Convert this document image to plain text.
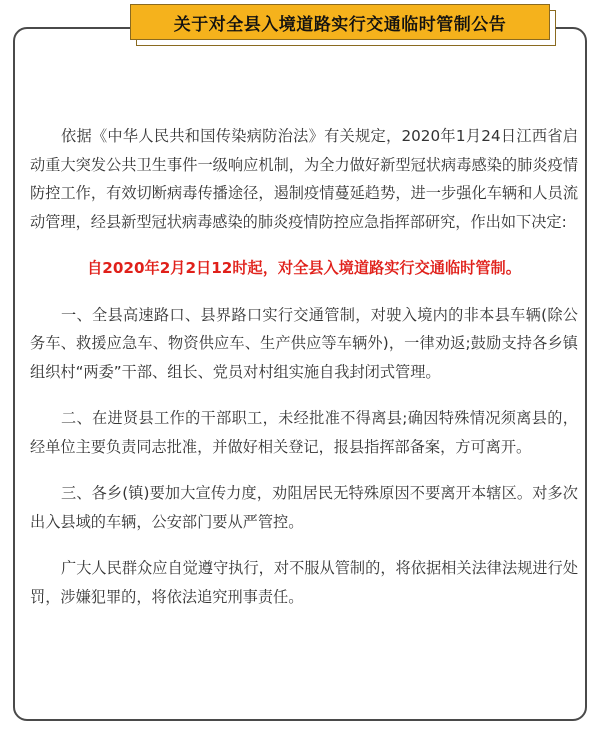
关于对全县入境道路实行交通临时管制公告

依据《中华人民共和国传染病防治法》有关规定，2020年1月24日江西省启动重大突发公共卫生事件一级响应机制，为全力做好新型冠状病毒感染的肺炎疫情防控工作，有效切断病毒传播途径，遏制疫情蔓延趋势，进一步强化车辆和人员流动管理，经县新型冠状病毒感染的肺炎疫情防控应急指挥部研究，作出如下决定:

自2020年2月2日12时起，对全县入境道路实行交通临时管制。

一、全县高速路口、县界路口实行交通管制，对驶入境内的非本县车辆(除公务车、救援应急车、物资供应车、生产供应等车辆外)，一律劝返;鼓励支持各乡镇组织村“两委”干部、组长、党员对村组实施自我封闭式管理。

二、在进贤县工作的干部职工，未经批准不得离县;确因特殊情况须离县的，经单位主要负责同志批准，并做好相关登记，报县指挥部备案，方可离开。

三、各乡(镇)要加大宣传力度，劝阻居民无特殊原因不要离开本辖区。对多次出入县域的车辆，公安部门要从严管控。

广大人民群众应自觉遵守执行，对不服从管制的，将依据相关法律法规进行处罚，涉嫌犯罪的，将依法追究刑事责任。
